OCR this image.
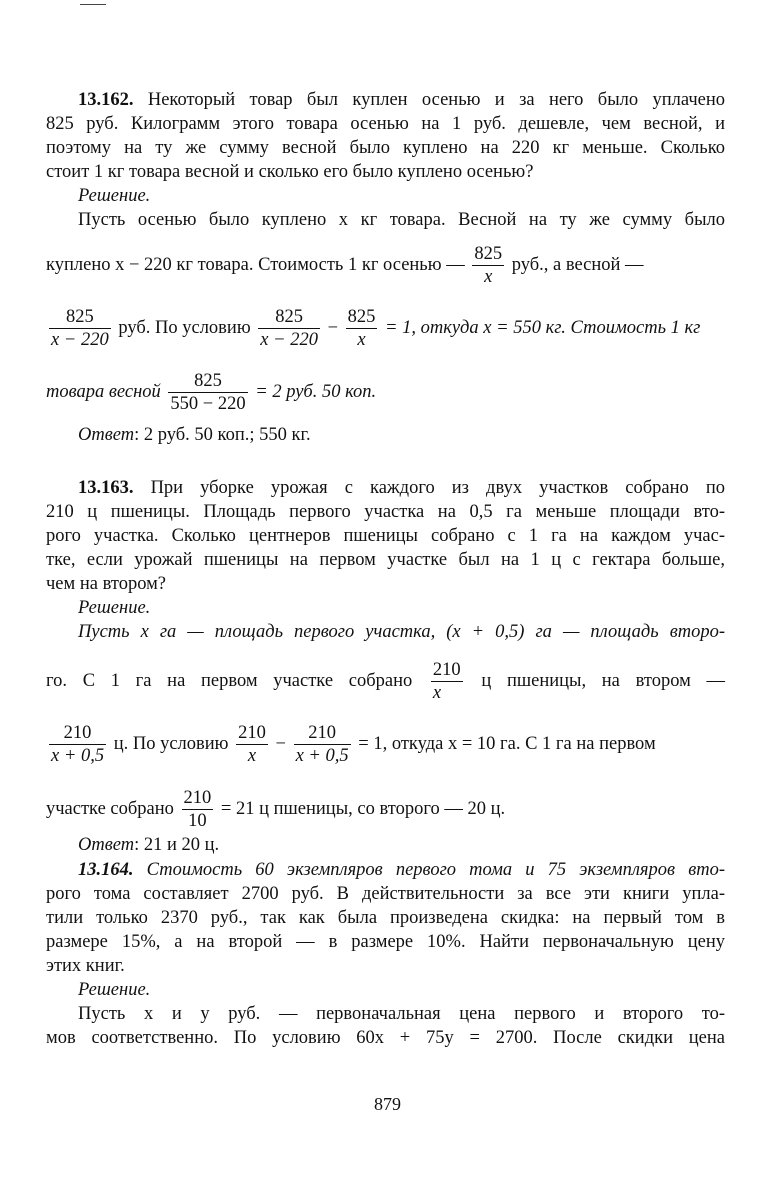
13.162. Некоторый товар был куплен осенью и за него было уплачено
825 руб. Килограмм этого товара осенью на 1 руб. дешевле, чем весной, и
поэтому на ту же сумму весной было куплено на 220 кг меньше. Сколько
стоит 1 кг товара весной и сколько его было куплено осенью?
Решение.
Пусть осенью было куплено x кг товара. Весной на ту же сумму было
куплено x − 220 кг товара. Стоимость 1 кг осенью — $\frac{825}{x}$ руб., а весной —
$\frac{825}{x - 220}$ руб. По условию $\frac{825}{x - 220} - \frac{825}{x} = 1$, откуда x = 550 кг. Стоимость 1 кг
товара весной $\frac{825}{550 - 220} = 2$ руб. 50 коп.
Ответ: 2 руб. 50 коп.; 550 кг.
13.163. При уборке урожая с каждого из двух участков собрано по
210 ц пшеницы. Площадь первого участка на 0,5 га меньше площади вто-
рого участка. Сколько центнеров пшеницы собрано с 1 га на каждом учас-
тке, если урожай пшеницы на первом участке был на 1 ц с гектара больше,
чем на втором?
Решение.
Пусть x га — площадь первого участка, (x + 0,5) га — площадь второ-
го. С 1 га на первом участке собрано $\frac{210}{x}$ ц пшеницы, на втором —
$\frac{210}{x + 0,5} ц$. По условию $\frac{210}{x} - \frac{210}{x + 0,5} = 1$, откуда x = 10 га. С 1 га на первом
участке собрано $\frac{210}{10} = 21$ ц пшеницы, со второго — 20 ц.
Ответ: 21 и 20 ц.
13.164. Стоимость 60 экземпляров первого тома и 75 экземпляров вто-
рого тома составляет 2700 руб. В действительности за все эти книги упла-
тили только 2370 руб., так как была произведена скидка: на первый том в
размере 15%, а на второй — в размере 10%. Найти первоначальную цену
этих книг.
Решение.
Пусть x и y руб. — первоначальная цена первого и второго то-
мов соответственно. По условию 60x + 75y = 2700. После скидки цена
879
